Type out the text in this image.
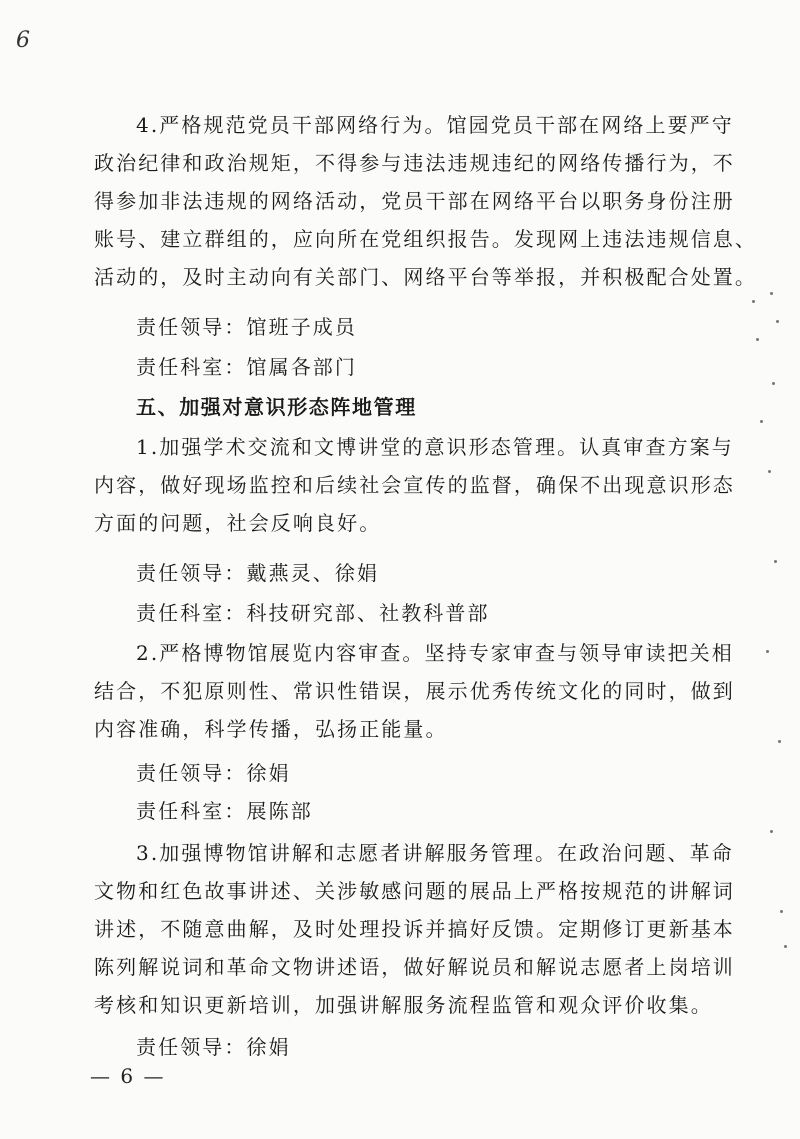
6
4.严格规范党员干部网络行为。馆园党员干部在网络上要严守
政治纪律和政治规矩，不得参与违法违规违纪的网络传播行为，不
得参加非法违规的网络活动，党员干部在网络平台以职务身份注册
账号、建立群组的，应向所在党组织报告。发现网上违法违规信息、
活动的，及时主动向有关部门、网络平台等举报，并积极配合处置。
责任领导：馆班子成员
责任科室：馆属各部门
五、加强对意识形态阵地管理
1.加强学术交流和文博讲堂的意识形态管理。认真审查方案与
内容，做好现场监控和后续社会宣传的监督，确保不出现意识形态
方面的问题，社会反响良好。
责任领导：戴燕灵、徐娟
责任科室：科技研究部、社教科普部
2.严格博物馆展览内容审查。坚持专家审查与领导审读把关相
结合，不犯原则性、常识性错误，展示优秀传统文化的同时，做到
内容准确，科学传播，弘扬正能量。
责任领导：徐娟
责任科室：展陈部
3.加强博物馆讲解和志愿者讲解服务管理。在政治问题、革命
文物和红色故事讲述、关涉敏感问题的展品上严格按规范的讲解词
讲述，不随意曲解，及时处理投诉并搞好反馈。定期修订更新基本
陈列解说词和革命文物讲述语，做好解说员和解说志愿者上岗培训
考核和知识更新培训，加强讲解服务流程监管和观众评价收集。
责任领导：徐娟
— 6 —
